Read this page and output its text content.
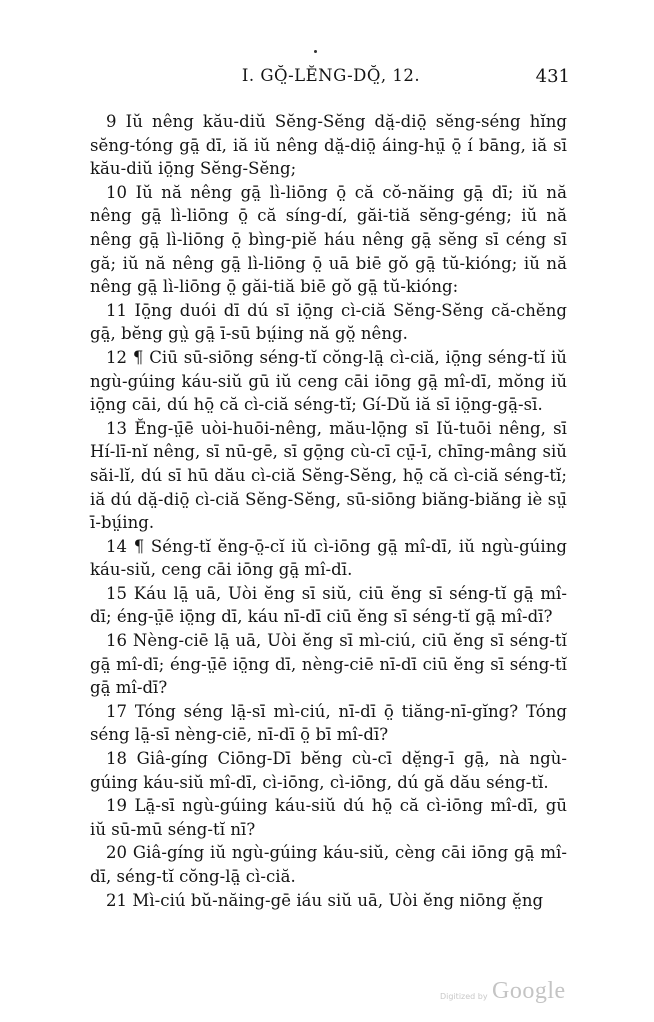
I. GŎ̤-LĔNG-DŎ̤, 12.	431

9 Iŭ nêng kău-diŭ Sĕng-Sĕng dă̤-diō̤ sĕng-séng hĭng sĕng-tóng gā̤ dī, iă iŭ nêng dă̤-diō̤ áing-hṳ̄ ō̤ í bāng, iă sī kău-diŭ iō̤ng Sĕng-Sĕng;

10 Iŭ nă nêng gā̤ lì-liōng ō̤ că cŏ-năing gā̤ dī; iŭ nă nêng gā̤ lì-liōng ō̤ că síng-dí, găi-tiă sĕng-géng; iŭ nă nêng gā̤ lì-liōng ō̤ bìng-piĕ háu nêng gā̤ sĕng sī céng sī gă; iŭ nă nêng gā̤ lì-liōng ō̤ uā biē gŏ gā̤ tŭ-kióng; iŭ nă nêng gā̤ lì-liōng ō̤ găi-tiă biē gŏ gā̤ tŭ-kióng:

11 Iō̤ng duói dī dú sī iō̤ng cì-ciă Sĕng-Sĕng că-chĕng gā̤, bĕng gṳ̀ gā̤ ī-sū bṳ́ing nă gŏ̤ nêng.

12 ¶ Ciū sū-siōng séng-tĭ cŏng-lā̤ cì-ciă, iō̤ng séng-tĭ iŭ ngù-gúing káu-siŭ gū iŭ ceng cāi iōng gā̤ mî-dī, mŏng iŭ iō̤ng cāi, dú hō̤ că cì-ciă séng-tĭ; Gí-Dŭ iă sī iō̤ng-gā̤-sī.

13 Ĕng-ṳ̄ē uòi-huōi-nêng, mău-lō̤ng sī Iŭ-tuōi nêng, sī Hí-lī-nĭ nêng, sī nū-gē, sī gō̤ng cù-cī cṳ̄-ī, chīng-mâng siŭ săi-lĭ, dú sī hū dău cì-ciă Sĕng-Sĕng, hō̤ că cì-ciă séng-tĭ; iă dú dă̤-diō̤ cì-ciă Sĕng-Sĕng, sū-siōng biăng-biăng iè sṳ̄ ī-bṳ́ing.

14 ¶ Séng-tĭ ĕng-ō̤-cĭ iŭ cì-iōng gā̤ mî-dī, iŭ ngù-gúing káu-siŭ, ceng cāi iōng gā̤ mî-dī.

15 Káu lā̤ uā, Uòi ĕng sī siŭ, ciū ĕng sī séng-tĭ gā̤ mî-dī; éng-ṳ̄ē iō̤ng dī, káu nī-dī ciū ĕng sī séng-tĭ gā̤ mî-dī?

16 Nèng-ciē lā̤ uā, Uòi ĕng sī mì-ciú, ciū ĕng sī séng-tĭ gā̤ mî-dī; éng-ṳ̄ē iō̤ng dī, nèng-ciē nī-dī ciū ĕng sī séng-tĭ gā̤ mî-dī?

17 Tóng séng lā̤-sī mì-ciú, nī-dī ō̤ tiăng-nī-gĭng? Tóng séng lā̤-sī nèng-ciē, nī-dī ō̤ bī mî-dī?

18 Giâ-gíng Ciōng-Dī bĕng cù-cī dĕ̤ng-ī gā̤, nà ngù-gúing káu-siŭ mî-dī, cì-iōng, cì-iōng, dú gă dău séng-tĭ.

19 Lā̤-sī ngù-gúing káu-siŭ dú hō̤ că cì-iōng mî-dī, gū iŭ sū-mū séng-tĭ nī?

20 Giâ-gíng iŭ ngù-gúing káu-siŭ, cèng cāi iōng gā̤ mî-dī, séng-tĭ cŏng-lā̤ cì-ciă.

21 Mì-ciú bŭ-năing-gē iáu siŭ uā, Uòi ĕng niōng ĕ̤ng

Digitized by Google
